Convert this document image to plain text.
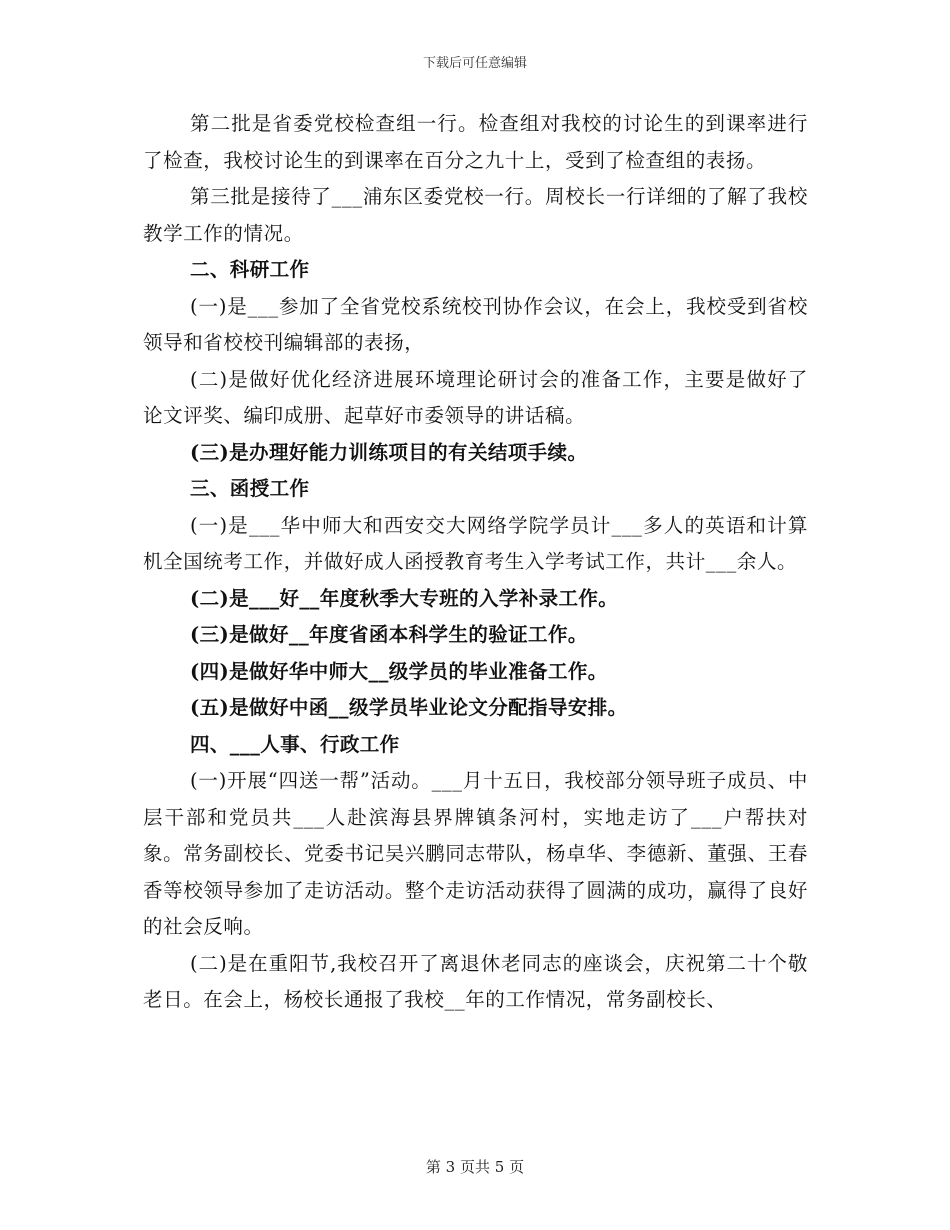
下载后可任意编辑

第二批是省委党校检查组一行。检查组对我校的讨论生的到课率进行了检查，我校讨论生的到课率在百分之九十上，受到了检查组的表扬。

第三批是接待了___浦东区委党校一行。周校长一行详细的了解了我校教学工作的情况。

二、科研工作

(一)是___参加了全省党校系统校刊协作会议，在会上，我校受到省校领导和省校校刊编辑部的表扬，

(二)是做好优化经济进展环境理论研讨会的准备工作，主要是做好了论文评奖、编印成册、起草好市委领导的讲话稿。

(三)是办理好能力训练项目的有关结项手续。

三、函授工作

(一)是___华中师大和西安交大网络学院学员计___多人的英语和计算机全国统考工作，并做好成人函授教育考生入学考试工作，共计___余人。

(二)是___好__年度秋季大专班的入学补录工作。

(三)是做好__年度省函本科学生的验证工作。

(四)是做好华中师大__级学员的毕业准备工作。

(五)是做好中函__级学员毕业论文分配指导安排。

四、___人事、行政工作

(一)开展“四送一帮”活动。___月十五日，我校部分领导班子成员、中层干部和党员共___人赴滨海县界牌镇条河村，实地走访了___户帮扶对象。常务副校长、党委书记吴兴鹏同志带队，杨卓华、李德新、董强、王春香等校领导参加了走访活动。整个走访活动获得了圆满的成功，赢得了良好的社会反响。

(二)是在重阳节,我校召开了离退休老同志的座谈会，庆祝第二十个敬老日。在会上，杨校长通报了我校__年的工作情况，常务副校长、

第 3 页共 5 页
